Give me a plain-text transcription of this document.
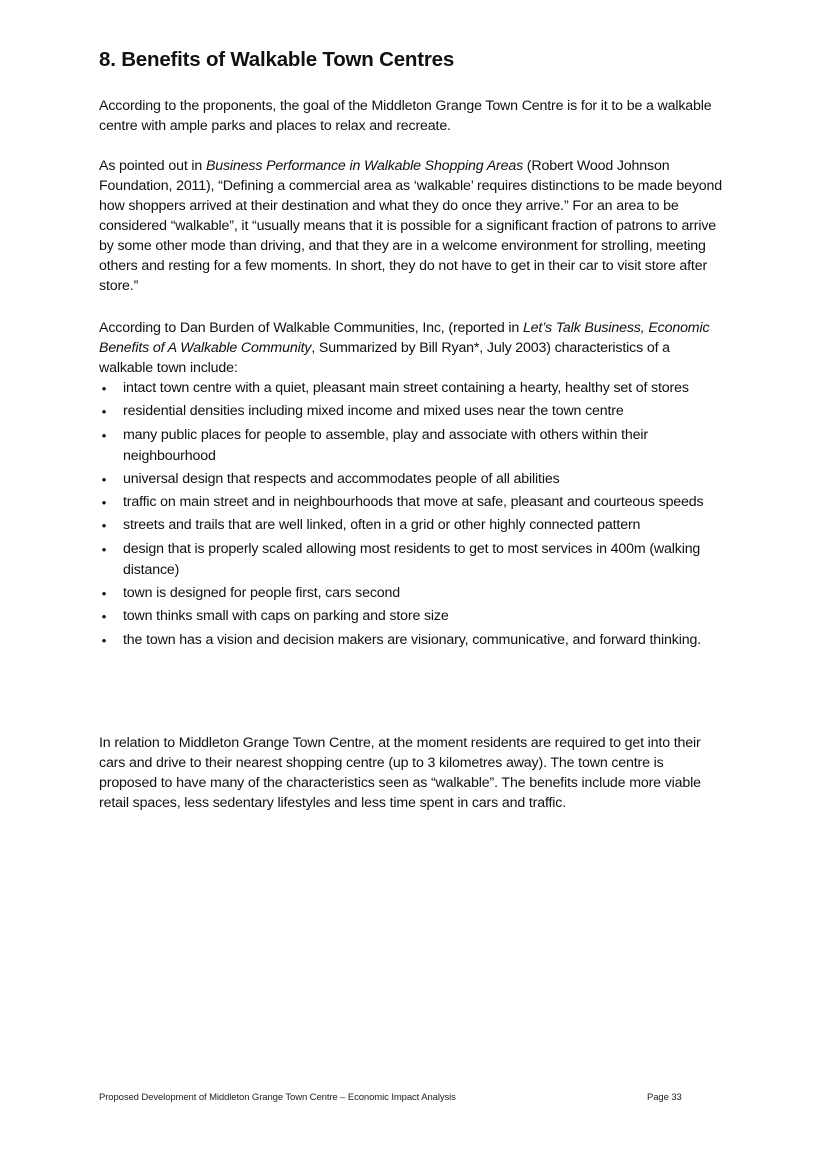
8. Benefits of Walkable Town Centres

According to the proponents, the goal of the Middleton Grange Town Centre is for it to be a walkable centre with ample parks and places to relax and recreate.

As pointed out in Business Performance in Walkable Shopping Areas (Robert Wood Johnson Foundation, 2011), “Defining a commercial area as ‘walkable’ requires distinctions to be made beyond how shoppers arrived at their destination and what they do once they arrive.” For an area to be considered “walkable”, it “usually means that it is possible for a significant fraction of patrons to arrive by some other mode than driving, and that they are in a welcome environment for strolling, meeting others and resting for a few moments. In short, they do not have to get in their car to visit store after store.”

According to Dan Burden of Walkable Communities, Inc, (reported in Let’s Talk Business, Economic Benefits of A Walkable Community, Summarized by Bill Ryan*, July 2003) characteristics of a walkable town include:

• intact town centre with a quiet, pleasant main street containing a hearty, healthy set of stores
• residential densities including mixed income and mixed uses near the town centre
• many public places for people to assemble, play and associate with others within their neighbourhood
• universal design that respects and accommodates people of all abilities
• traffic on main street and in neighbourhoods that move at safe, pleasant and courteous speeds
• streets and trails that are well linked, often in a grid or other highly connected pattern
• design that is properly scaled allowing most residents to get to most services in 400m (walking distance)
• town is designed for people first, cars second
• town thinks small with caps on parking and store size
• the town has a vision and decision makers are visionary, communicative, and forward thinking.

In relation to Middleton Grange Town Centre, at the moment residents are required to get into their cars and drive to their nearest shopping centre (up to 3 kilometres away). The town centre is proposed to have many of the characteristics seen as “walkable”. The benefits include more viable retail spaces, less sedentary lifestyles and less time spent in cars and traffic.

Proposed Development of Middleton Grange Town Centre – Economic Impact Analysis	Page 33
